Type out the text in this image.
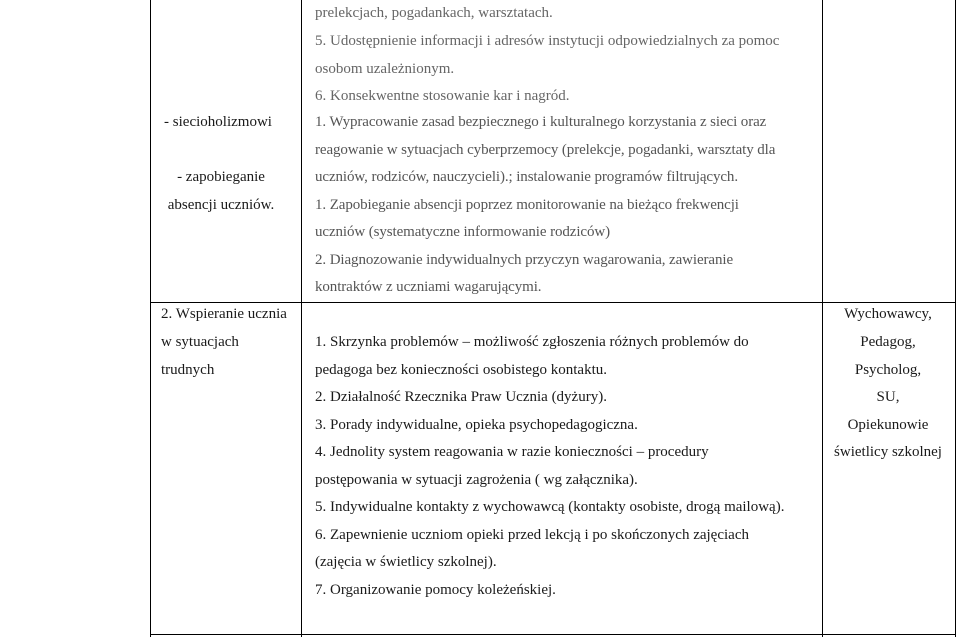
- siecioholizmowi
- zapobieganie
absencji uczniów.
2. Wspieranie ucznia
w sytuacjach
trudnych
prelekcjach, pogadankach, warsztatach.
5. Udostępnienie informacji i adresów instytucji odpowiedzialnych za pomoc
osobom uzależnionym.
6. Konsekwentne stosowanie kar i nagród.
1. Wypracowanie zasad bezpiecznego i kulturalnego korzystania z sieci oraz
reagowanie w sytuacjach cyberprzemocy (prelekcje, pogadanki, warsztaty dla
uczniów, rodziców, nauczycieli).; instalowanie programów filtrujących.
1. Zapobieganie absencji poprzez monitorowanie na bieżąco frekwencji
uczniów (systematyczne informowanie rodziców)
2. Diagnozowanie indywidualnych przyczyn wagarowania, zawieranie
kontraktów z uczniami wagarującymi.
1. Skrzynka problemów – możliwość zgłoszenia różnych problemów do
pedagoga bez konieczności osobistego kontaktu.
2. Działalność Rzecznika Praw Ucznia (dyżury).
3. Porady indywidualne, opieka psychopedagogiczna.
4. Jednolity system reagowania w razie konieczności – procedury
postępowania w sytuacji zagrożenia ( wg załącznika).
5. Indywidualne kontakty z wychowawcą (kontakty osobiste, drogą mailową).
6. Zapewnienie uczniom opieki przed lekcją i po skończonych zajęciach
(zajęcia w świetlicy szkolnej).
7. Organizowanie pomocy koleżeńskiej.
Wychowawcy,
Pedagog,
Psycholog,
SU,
Opiekunowie
świetlicy szkolnej
